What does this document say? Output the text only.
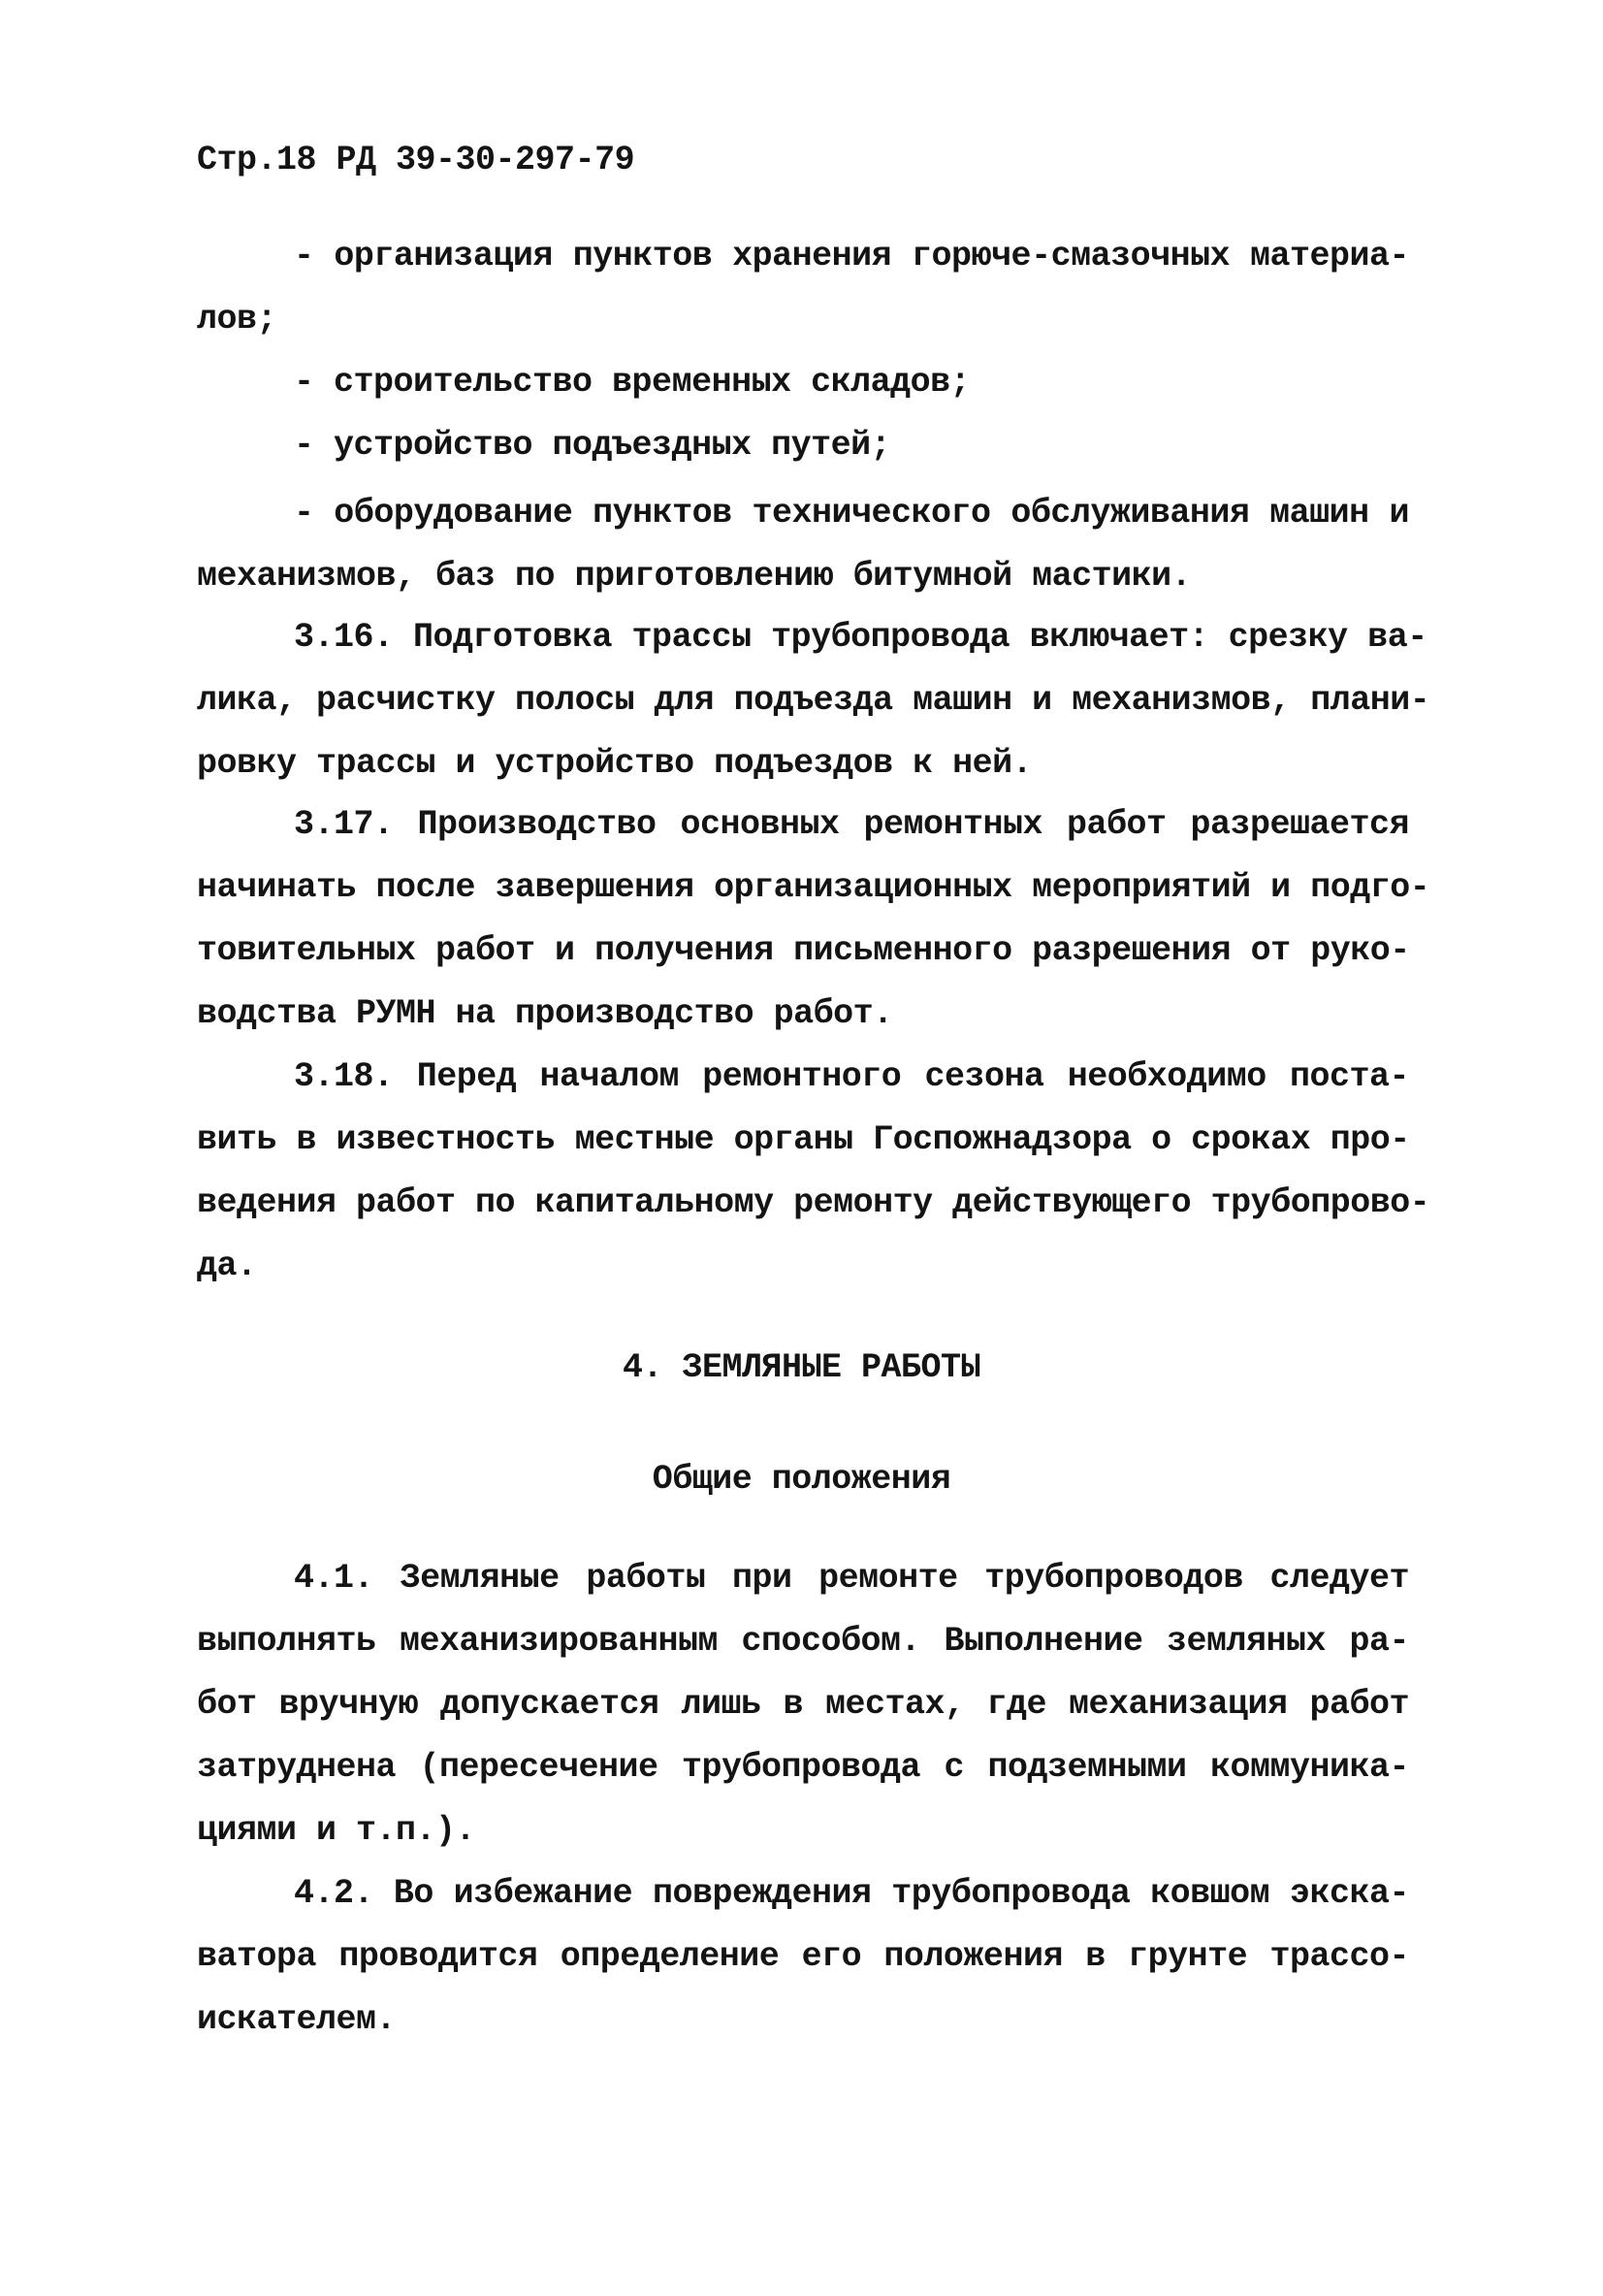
Стр.18 РД 39-30-297-79
- организация пунктов хранения горюче-смазочных материа-
лов;
- строительство временных складов;
- устройство подъездных путей;
- оборудование пунктов технического обслуживания машин и
механизмов, баз по приготовлению битумной мастики.
3.16. Подготовка трассы трубопровода включает: срезку ва-
лика, расчистку полосы для подъезда машин и механизмов, плани-
ровку трассы и устройство подъездов к ней.
3.17. Производство основных ремонтных работ разрешается
начинать после завершения организационных мероприятий и подго-
товительных работ и получения письменного разрешения от руко-
водства РУМН на производство работ.
3.18. Перед началом ремонтного сезона необходимо поста-
вить в известность местные органы Госпожнадзора о сроках про-
ведения работ по капитальному ремонту действующего трубопрово-
да.
4. ЗЕМЛЯНЫЕ РАБОТЫ
Общие положения
4.1. Земляные работы при ремонте трубопроводов следует
выполнять механизированным способом. Выполнение земляных ра-
бот вручную допускается лишь в местах, где механизация работ
затруднена (пересечение трубопровода с подземными коммуника-
циями и т.п.).
4.2. Во избежание повреждения трубопровода ковшом экска-
ватора проводится определение его положения в грунте трассо-
искателем.
